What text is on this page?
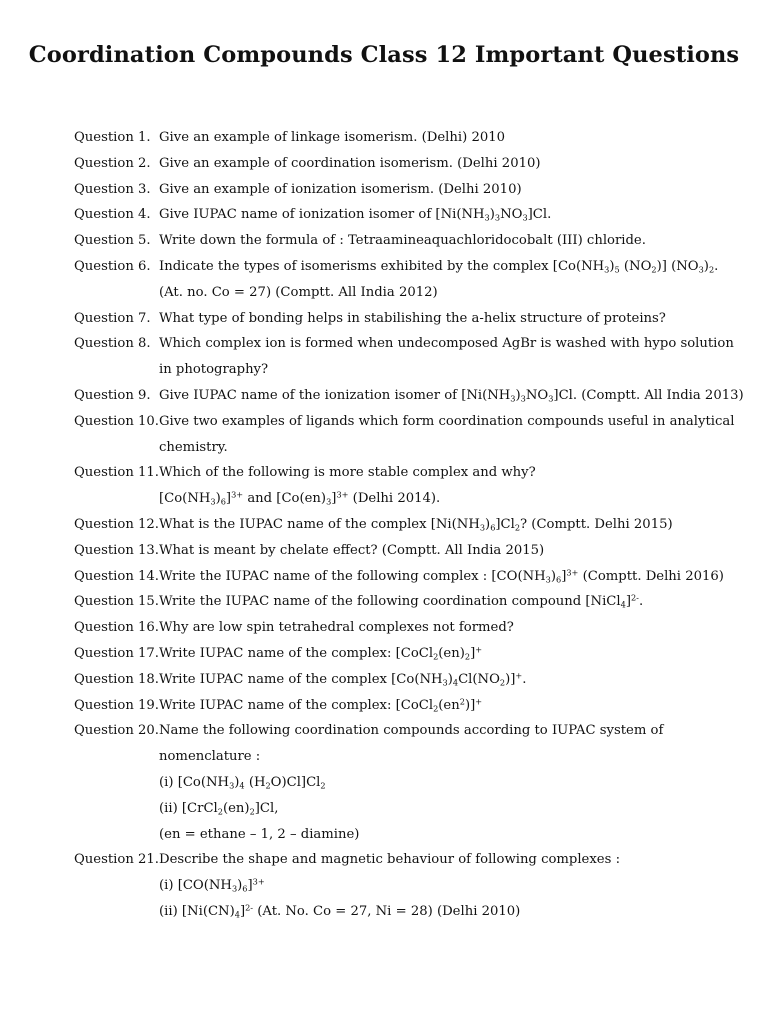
Coordination Compounds Class 12 Important Questions
Question 1. Give an example of linkage isomerism. (Delhi) 2010
Question 2. Give an example of coordination isomerism. (Delhi 2010)
Question 3. Give an example of ionization isomerism. (Delhi 2010)
Question 4. Give IUPAC name of ionization isomer of $[Ni(NH_3)_3NO_3]Cl$.
Question 5. Write down the formula of : Tetraamineaquachloridocobalt (III) chloride.
Question 6. Indicate the types of isomerisms exhibited by the complex [$Co(NH_3)_5$ $(NO_2)$] $(NO_3)_2$.
(At. no. Co = 27) (Comptt. All India 2012)
Question 7. What type of bonding helps in stabilishing the a-helix structure of proteins?
Question 8. Which complex ion is formed when undecomposed AgBr is washed with hypo solution
in photography?
Question 9. Give IUPAC name of the ionization isomer of $[Ni(NH_3)_3NO_3]Cl$. (Comptt. All India 2013)
Question 10. Give two examples of ligands which form coordination compounds useful in analytical
chemistry.
Question 11. Which of the following is more stable complex and why?
$[Co(NH_3)_6]^{3+}$ and $[Co(en)_3]^{3+}$ (Delhi 2014).
Question 12. What is the IUPAC name of the complex $[Ni(NH_3)_6]Cl_2$? (Comptt. Delhi 2015)
Question 13. What is meant by chelate effect? (Comptt. All India 2015)
Question 14. Write the IUPAC name of the following complex : $[CO(NH_3)_6]^{3+}$ (Comptt. Delhi 2016)
Question 15. Write the IUPAC name of the following coordination compound [NiCl$_4$]$^{2-}$.
Question 16. Why are low spin tetrahedral complexes not formed?
Question 17. Write IUPAC name of the complex: $[CoCl_2(en)_2]^+$
Question 18. Write IUPAC name of the complex $[Co(NH_3)_4Cl(NO_2)]^+$.
Question 19. Write IUPAC name of the complex: $[CoCl_2(en^2)]^+$
Question 20. Name the following coordination compounds according to IUPAC system of
nomenclature :
(i) [$Co(NH_3)_4$ $(H_2O)Cl]Cl_2$
(ii) $[CrCl_2(en)_2]Cl$,
(en = ethane – 1, 2 – diamine)
Question 21. Describe the shape and magnetic behaviour of following complexes :
(i) $[CO(NH_3)_6]^{3+}$
(ii) $[Ni(CN)_4]^{2-}$ (At. No. Co = 27, Ni = 28) (Delhi 2010)
